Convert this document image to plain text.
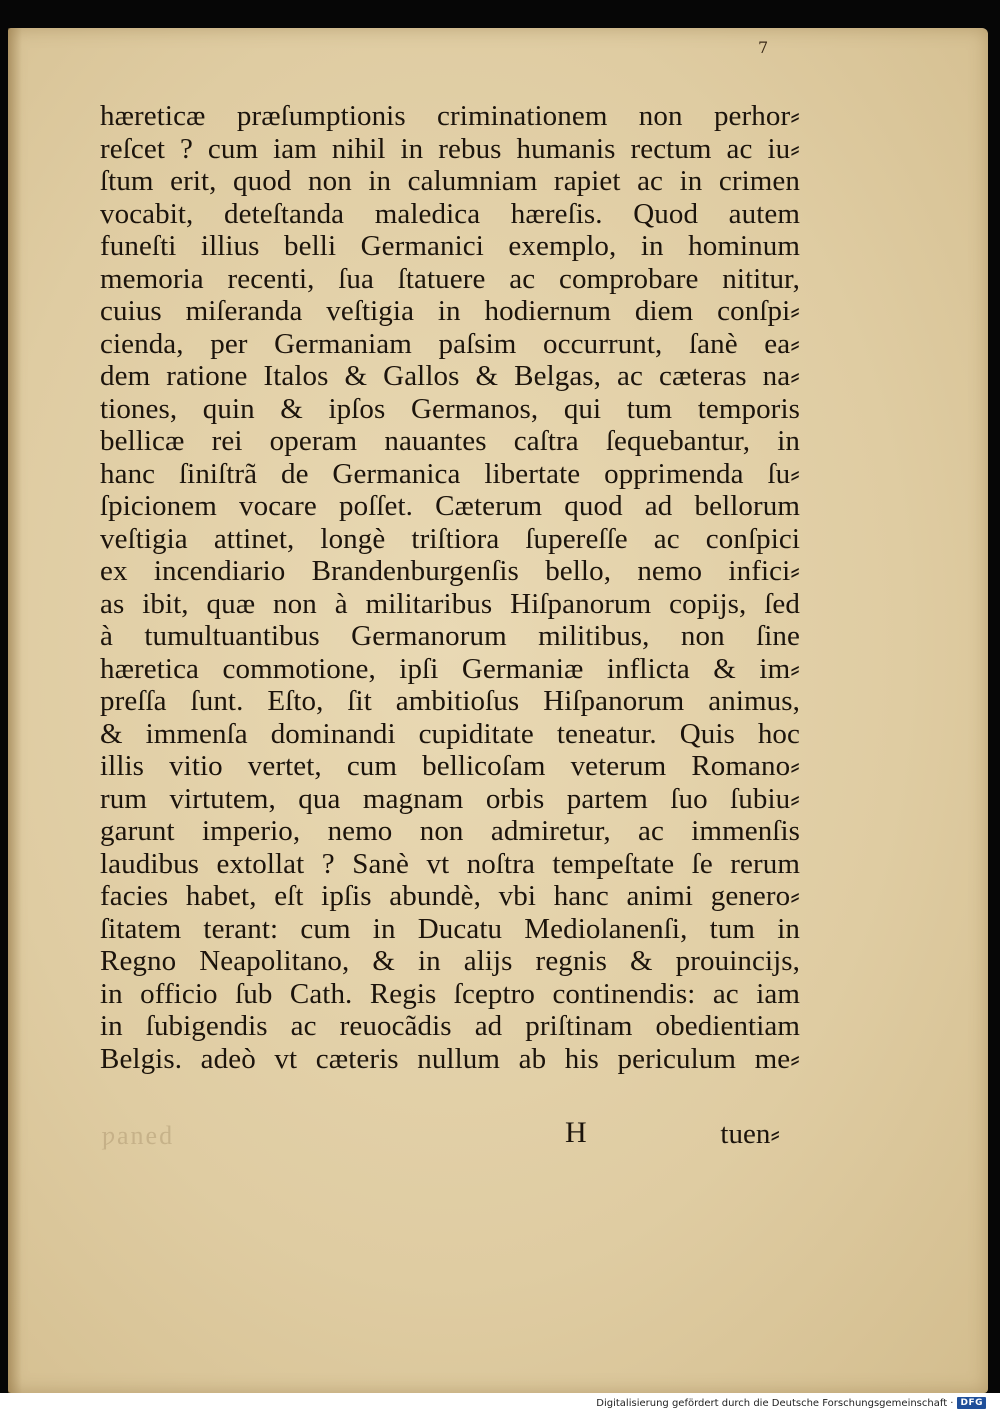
7
hæreticæ præſumptionis criminationem non perhor⸗
reſcet ? cum iam nihil in rebus humanis rectum ac iu⸗
ſtum erit, quod non in calumniam rapiet ac in crimen
vocabit, deteſtanda maledica hæreſis. Quod autem
funeſti illius belli Germanici exemplo, in hominum
memoria recenti, ſua ſtatuere ac comprobare nititur,
cuius miſeranda veſtigia in hodiernum diem conſpi⸗
cienda, per Germaniam paſsim occurrunt, ſanè ea⸗
dem ratione Italos & Gallos & Belgas, ac cæteras na⸗
tiones, quin & ipſos Germanos, qui tum temporis
bellicæ rei operam nauantes caſtra ſequebantur, in
hanc ſiniſtrã de Germanica libertate opprimenda ſu⸗
ſpicionem vocare poſſet. Cæterum quod ad bellorum
veſtigia attinet, longè triſtiora ſupereſſe ac conſpici
ex incendiario Brandenburgenſis bello, nemo infici⸗
as ibit, quæ non à militaribus Hiſpanorum copijs, ſed
à tumultuantibus Germanorum militibus, non ſine
hæretica commotione, ipſi Germaniæ inflicta & im⸗
preſſa ſunt. Eſto, ſit ambitioſus Hiſpanorum animus,
& immenſa dominandi cupiditate teneatur. Quis hoc
illis vitio vertet, cum bellicoſam veterum Romano⸗
rum virtutem, qua magnam orbis partem ſuo ſubiu⸗
garunt imperio, nemo non admiretur, ac immenſis
laudibus extollat ? Sanè vt noſtra tempeſtate ſe rerum
facies habet, eſt ipſis abundè, vbi hanc animi genero⸗
ſitatem terant: cum in Ducatu Mediolanenſi, tum in
Regno Neapolitano, & in alijs regnis & prouincijs,
in officio ſub Cath. Regis ſceptro continendis: ac iam
in ſubigendis ac reuocãdis ad priſtinam obedientiam
Belgis. adeò vt cæteris nullum ab his periculum me⸗
ƿaned	H	tuen⸗
Digitalisierung gefördert durch die Deutsche Forschungsgemeinschaft · DFG
